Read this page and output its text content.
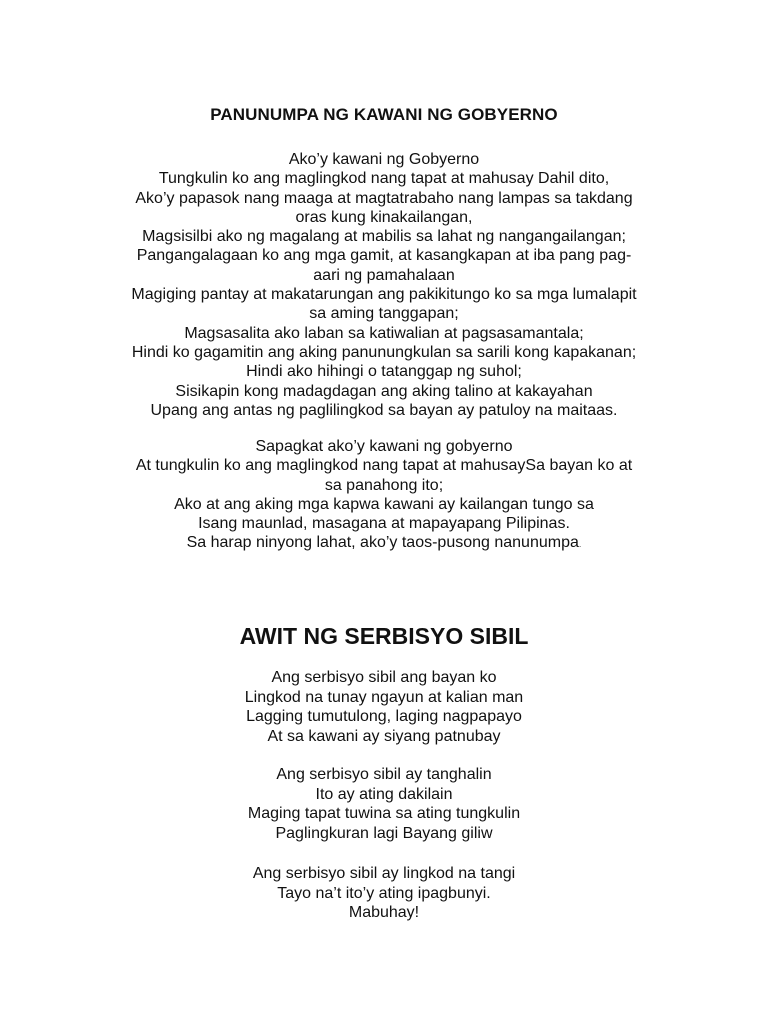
PANUNUMPA NG KAWANI NG GOBYERNO
Ako’y kawani ng Gobyerno
Tungkulin ko ang maglingkod nang tapat at mahusay Dahil dito,
Ako’y papasok nang maaga at magtatrabaho nang lampas sa takdang
oras kung kinakailangan,
Magsisilbi ako ng magalang at mabilis sa lahat ng nangangailangan;
Pangangalagaan ko ang mga gamit, at kasangkapan at iba pang pag-
aari ng pamahalaan
Magiging pantay at makatarungan ang pakikitungo ko sa mga lumalapit
sa aming tanggapan;
Magsasalita ako laban sa katiwalian at pagsasamantala;
Hindi ko gagamitin ang aking panunungkulan sa sarili kong kapakanan;
Hindi ako hihingi o tatanggap ng suhol;
Sisikapin kong madagdagan ang aking talino at kakayahan
Upang ang antas ng paglilingkod sa bayan ay patuloy na maitaas.
Sapagkat ako’y kawani ng gobyerno
At tungkulin ko ang maglingkod nang tapat at mahusaySa bayan ko at
sa panahong ito;
Ako at ang aking mga kapwa kawani ay kailangan tungo sa
Isang maunlad, masagana at mapayapang Pilipinas.
Sa harap ninyong lahat, ako’y taos-pusong nanunumpa.
AWIT NG SERBISYO SIBIL
Ang serbisyo sibil ang bayan ko
Lingkod na tunay ngayun at kalian man
Lagging tumutulong, laging nagpapayo
At sa kawani ay siyang patnubay
Ang serbisyo sibil ay tanghalin
Ito ay ating dakilain
Maging tapat tuwina sa ating tungkulin
Paglingkuran lagi Bayang giliw
Ang serbisyo sibil ay lingkod na tangi
Tayo na’t ito’y ating ipagbunyi.
Mabuhay!
